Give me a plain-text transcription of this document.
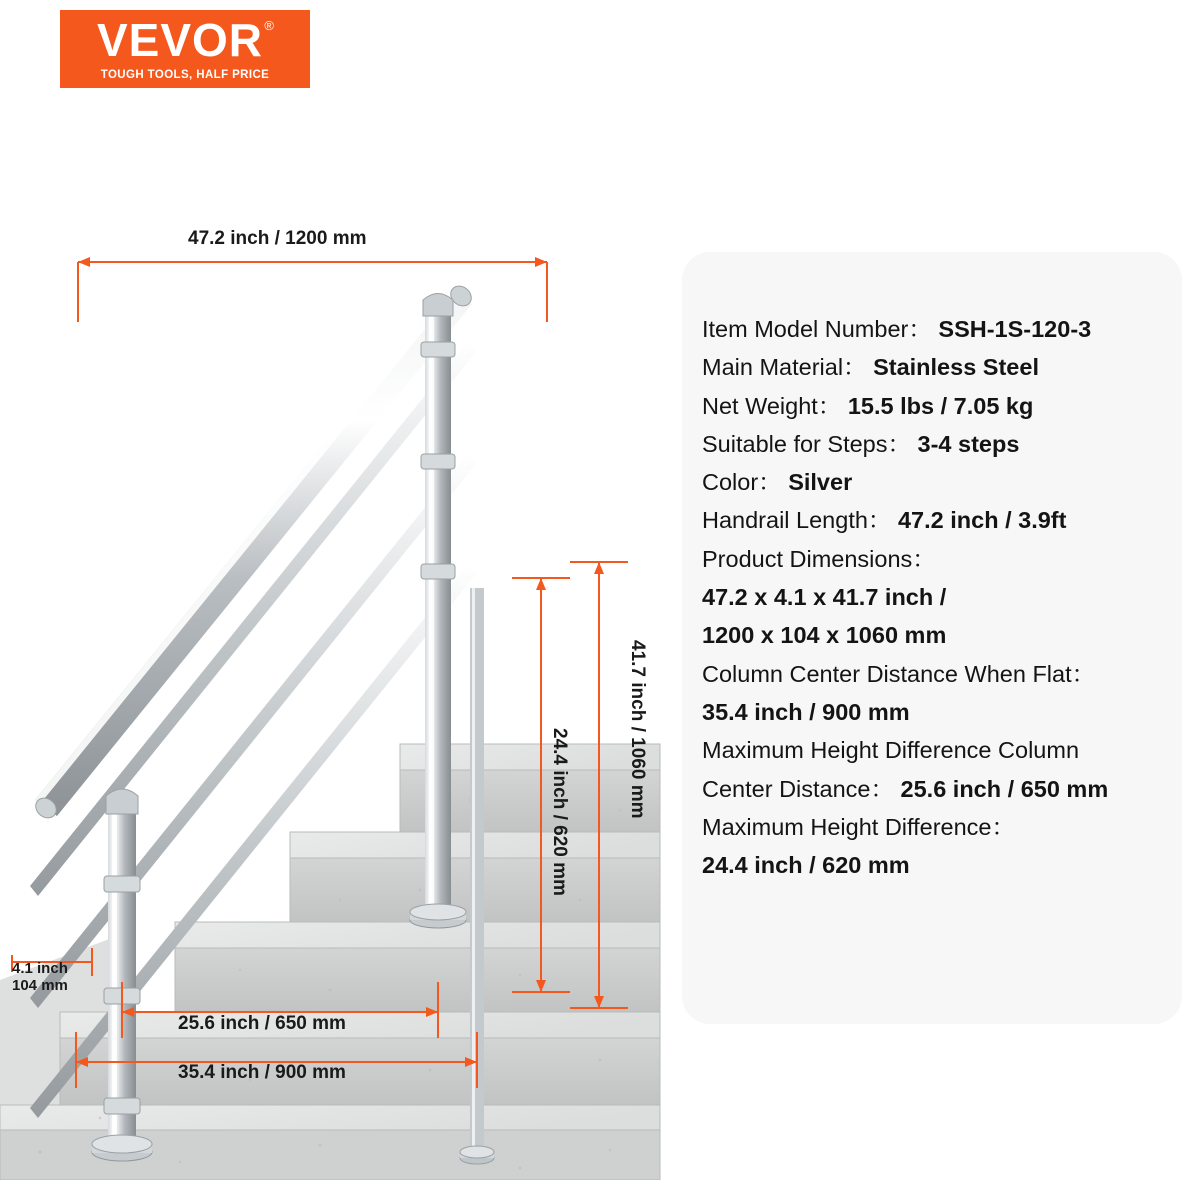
VEVOR ®
TOUGH TOOLS, HALF PRICE
47.2 inch / 1200 mm
25.6 inch / 650 mm
35.4 inch / 900 mm
4.1 inch
104 mm
24.4 inch / 620 mm	41.7 inch / 1060 mm
Item Model Number： SSH-1S-120-3
Main Material： Stainless Steel
Net Weight： 15.5 lbs / 7.05 kg
Suitable for Steps： 3-4 steps
Color： Silver
Handrail Length： 47.2 inch / 3.9ft
Product Dimensions：
47.2 x 4.1 x 41.7 inch /
1200 x 104 x 1060 mm
Column Center Distance When Flat：
35.4 inch / 900 mm
Maximum Height Difference Column
Center Distance： 25.6 inch / 650 mm
Maximum Height Difference：
24.4 inch / 620 mm
